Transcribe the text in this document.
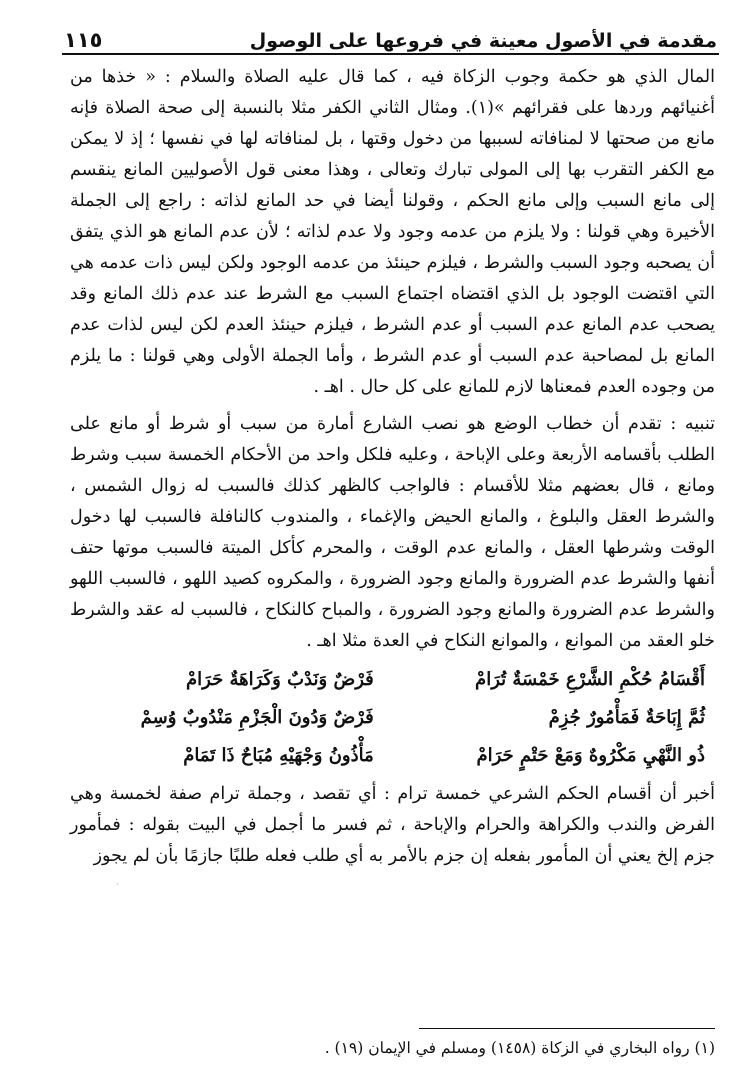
مقدمة في الأصول معينة في فروعها على الوصول
١١٥

المال الذي هو حكمة وجوب الزكاة فيه ، كما قال عليه الصلاة والسلام : « خذها من أغنيائهم وردها على فقرائهم »(١). ومثال الثاني الكفر مثلا بالنسبة إلى صحة الصلاة فإنه مانع من صحتها لا لمنافاته لسببها من دخول وقتها ، بل لمنافاته لها في نفسها ؛ إذ لا يمكن مع الكفر التقرب بها إلى المولى تبارك وتعالى ، وهذا معنى قول الأصوليين المانع ينقسم إلى مانع السبب وإلى مانع الحكم ، وقولنا أيضا في حد المانع لذاته : راجع إلى الجملة الأخيرة وهي قولنا : ولا يلزم من عدمه وجود ولا عدم لذاته ؛ لأن عدم المانع هو الذي يتفق أن يصحبه وجود السبب والشرط ، فيلزم حينئذ من عدمه الوجود ولكن ليس ذات عدمه هي التي اقتضت الوجود بل الذي اقتضاه اجتماع السبب مع الشرط عند عدم ذلك المانع وقد يصحب عدم المانع عدم السبب أو عدم الشرط ، فيلزم حينئذ العدم لكن ليس لذات عدم المانع بل لمصاحبة عدم السبب أو عدم الشرط ، وأما الجملة الأولى وهي قولنا : ما يلزم من وجوده العدم فمعناها لازم للمانع على كل حال . اهـ .

تنبيه : تقدم أن خطاب الوضع هو نصب الشارع أمارة من سبب أو شرط أو مانع على الطلب بأقسامه الأربعة وعلى الإباحة ، وعليه فلكل واحد من الأحكام الخمسة سبب وشرط ومانع ، قال بعضهم مثلا للأقسام : فالواجب كالظهر كذلك فالسبب له زوال الشمس ، والشرط العقل والبلوغ ، والمانع الحيض والإغماء ، والمندوب كالنافلة فالسبب لها دخول الوقت وشرطها العقل ، والمانع عدم الوقت ، والمحرم كأكل الميتة فالسبب موتها حتف أنفها والشرط عدم الضرورة والمانع وجود الضرورة ، والمكروه كصيد اللهو ، فالسبب اللهو والشرط عدم الضرورة والمانع وجود الضرورة ، والمباح كالنكاح ، فالسبب له عقد والشرط خلو العقد من الموانع ، والموانع النكاح في العدة مثلا اهـ .

أَقْسَامُ حُكْمِ الشَّرْعِ خَمْسَةٌ تُرَامْ
فَرْضٌ وَنَدْبٌ وَكَرَاهَةٌ حَرَامْ
ثُمَّ إِبَاحَةٌ فَمَأْمُورٌ جُزِمْ
فَرْضٌ وَدُونَ الْجَزْمِ مَنْدُوبٌ وُسِمْ
ذُو النَّهْيِ مَكْرُوهٌ وَمَعْ حَتْمٍ حَرَامْ
مَأْذُونُ وَجْهَيْهِ مُبَاحٌ ذَا تَمَامْ

أخبر أن أقسام الحكم الشرعي خمسة ترام : أي تقصد ، وجملة ترام صفة لخمسة وهي الفرض والندب والكراهة والحرام والإباحة ، ثم فسر ما أجمل في البيت بقوله : فمأمور جزم إلخ يعني أن المأمور بفعله إن جزم بالأمر به أي طلب فعله طلبًا جازمًا بأن لم يجوز

·
(١) رواه البخاري في الزكاة (١٤٥٨) ومسلم في الإيمان (١٩) .
